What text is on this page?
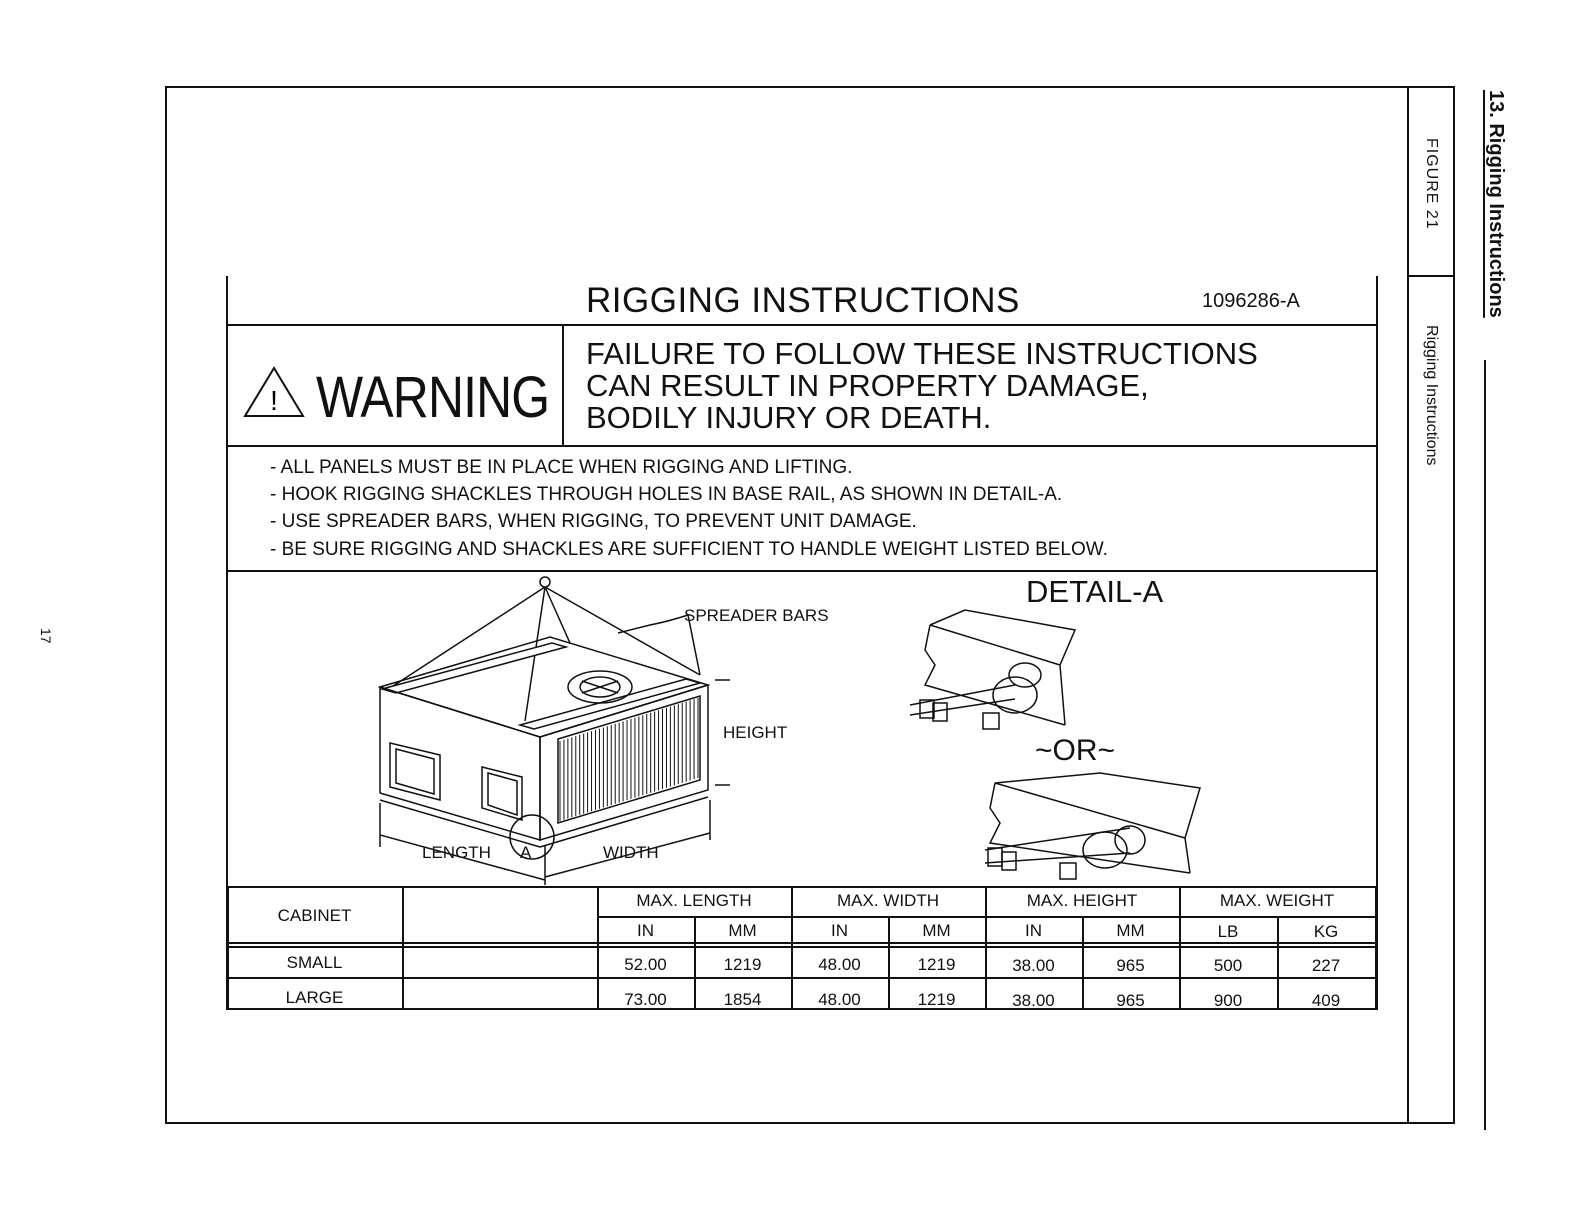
FIGURE 21
Rigging Instructions
13. Rigging Instructions
17
RIGGING INSTRUCTIONS	1096286-A
! WARNING
FAILURE TO FOLLOW THESE INSTRUCTIONS
CAN RESULT IN PROPERTY DAMAGE,
BODILY INJURY OR DEATH.
- ALL PANELS MUST BE IN PLACE WHEN RIGGING AND LIFTING.
- HOOK RIGGING SHACKLES THROUGH HOLES IN BASE RAIL, AS SHOWN IN DETAIL-A.
- USE SPREADER BARS, WHEN RIGGING, TO PREVENT UNIT DAMAGE.
- BE SURE RIGGING AND SHACKLES ARE SUFFICIENT TO HANDLE WEIGHT LISTED BELOW.
SPREADER BARS
HEIGHT
LENGTH A	WIDTH
DETAIL-A
~OR~
CABINET
MAX. LENGTH	MAX. WIDTH	MAX. HEIGHT	MAX. WEIGHT
IN	MM	IN	MM	IN	MM	LB	KG
SMALL	52.00	1219	48.00	1219	38.00	965	500	227
LARGE	73.00	1854	48.00	1219	38.00	965	900	409
